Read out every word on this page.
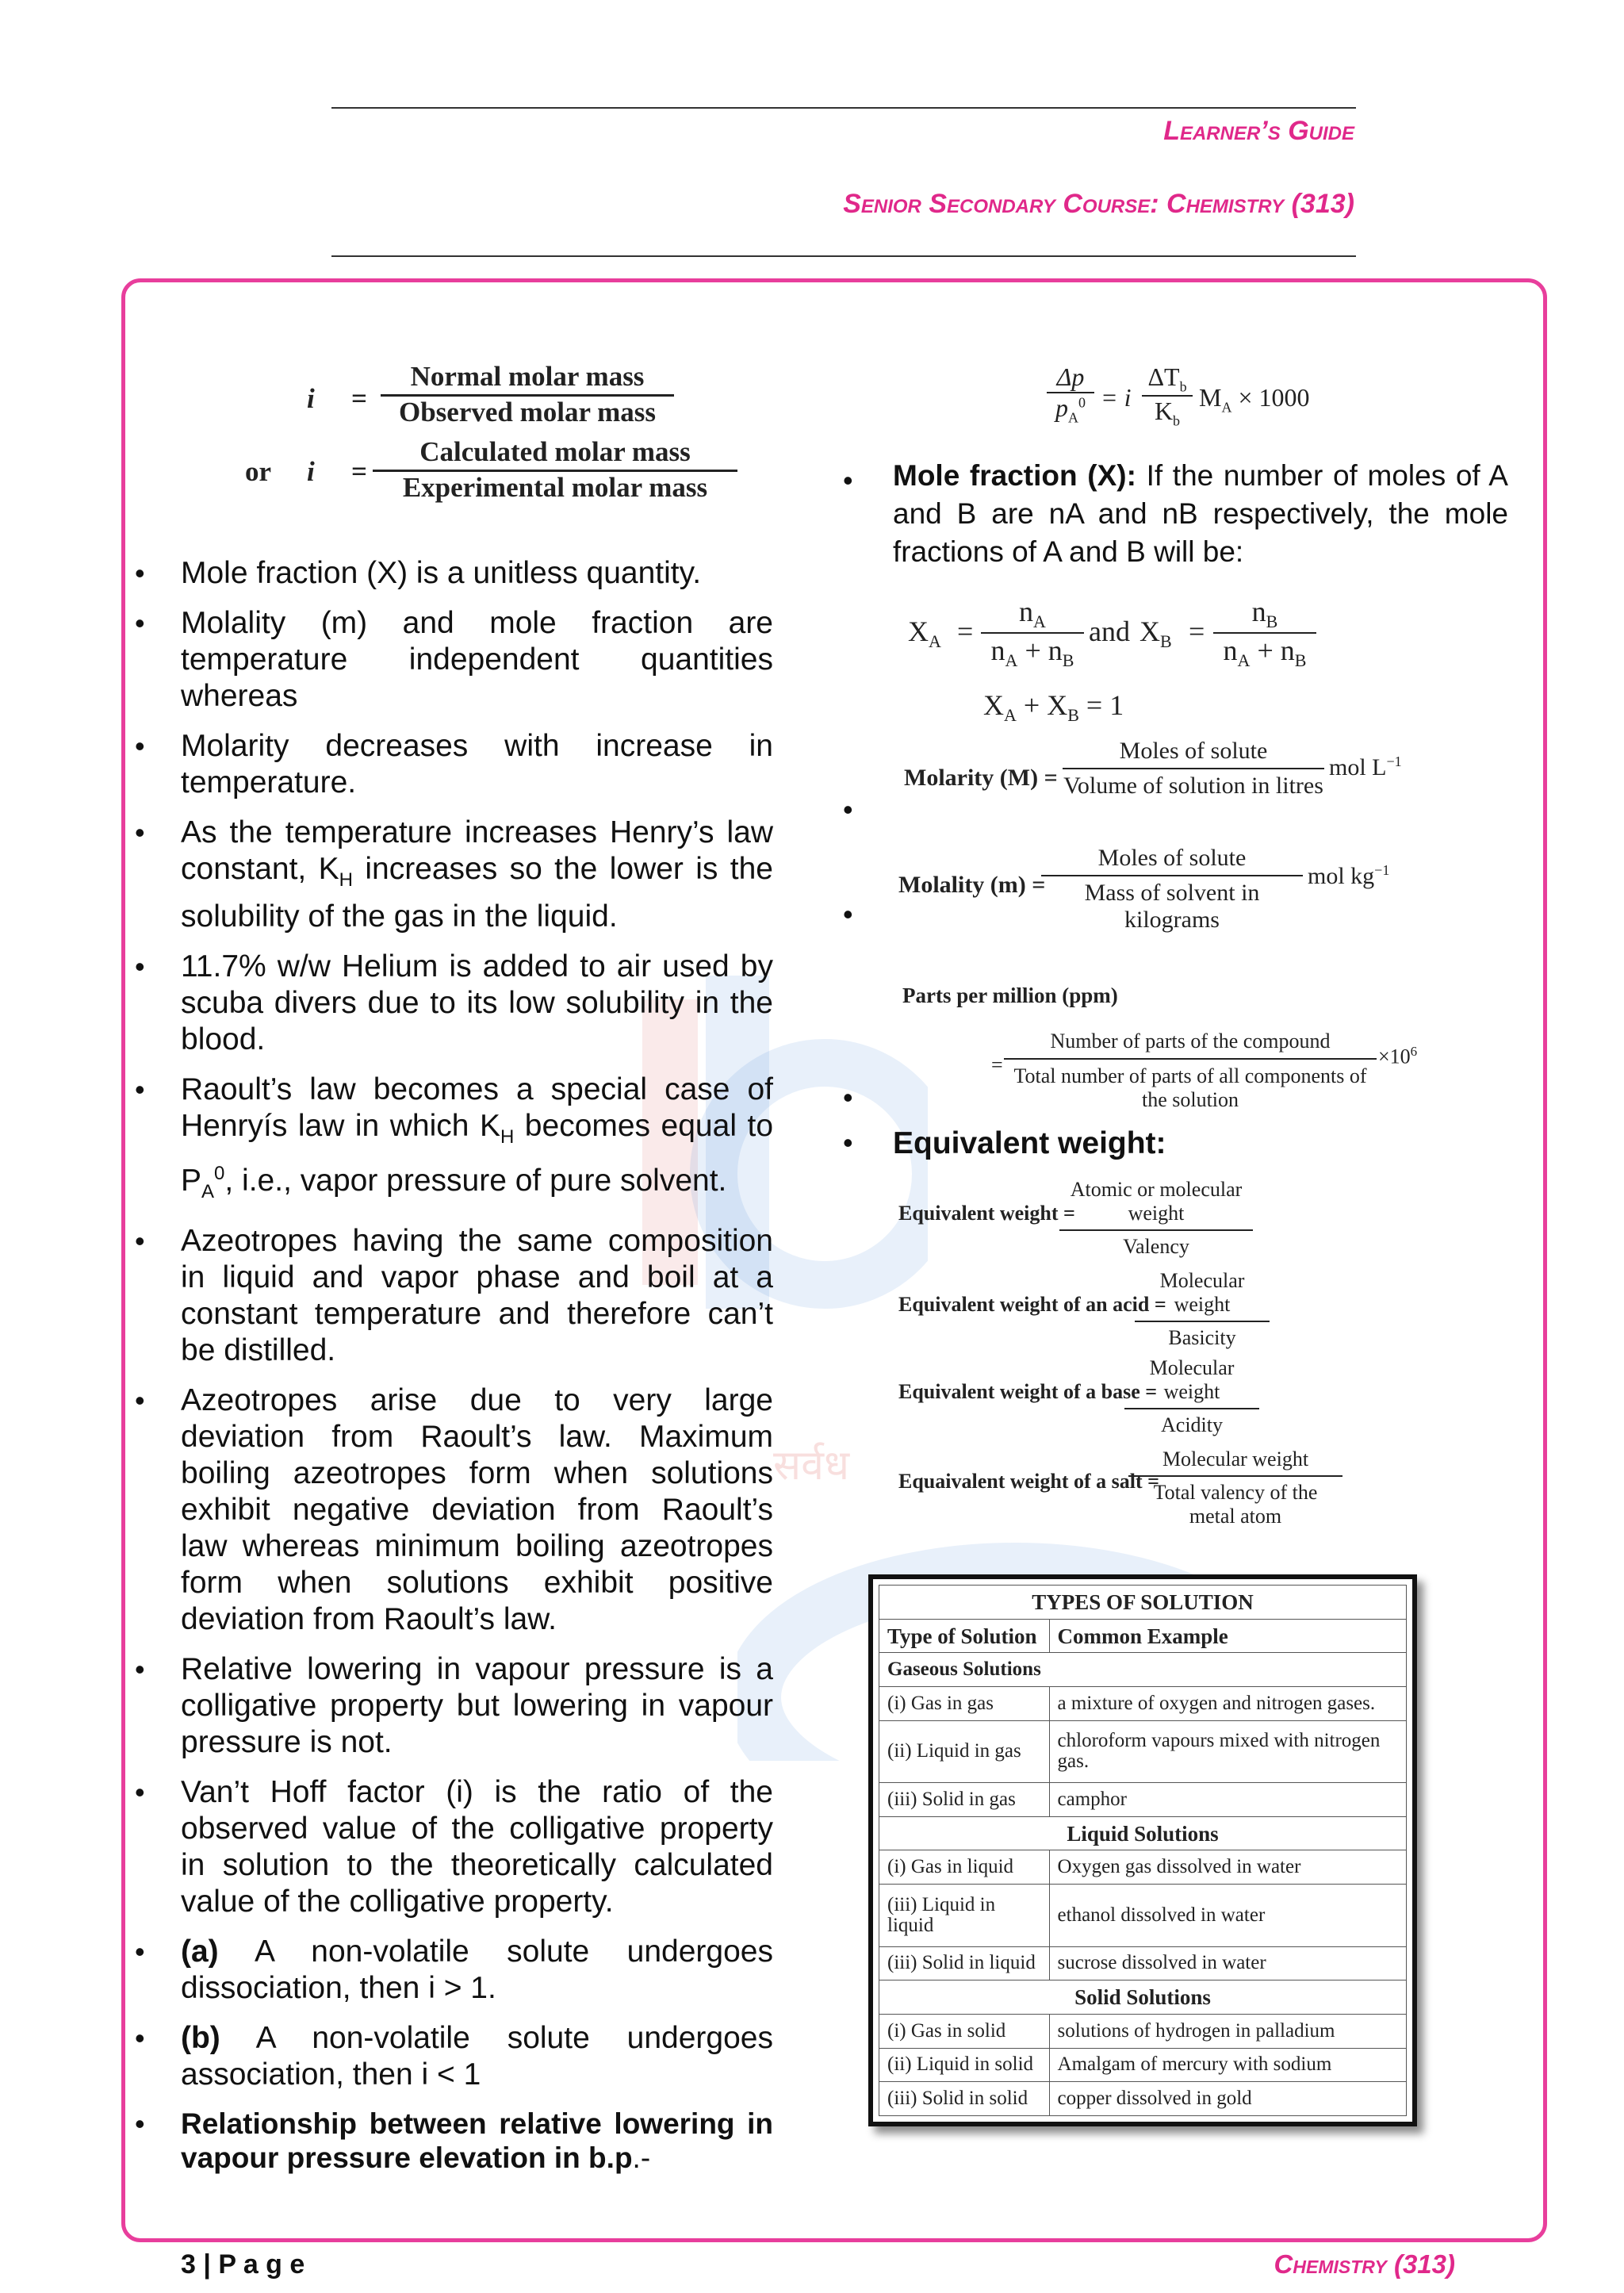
Learner’s Guide
Senior Secondary Course: Chemistry (313)
सर्वध
i =
Normal molar mass
Observed molar mass
or i =
Calculated molar mass
Experimental molar mass
• Mole fraction (X) is a unitless quantity.
• Molality (m) and mole fraction are temperature independent quantities whereas
• Molarity decreases with increase in temperature.
• As the temperature increases Henry’s law constant, $K_H$ increases so the lower is the solubility of the gas in the liquid.
• 11.7% w/w Helium is added to air used by scuba divers due to its low solubility in the blood.
• Raoult’s law becomes a special case of Henryís law in which $K_H$ becomes equal to $P_A^0$, i.e., vapor pressure of pure solvent.
• Azeotropes having the same composition in liquid and vapor phase and boil at a constant temperature and therefore can’t be distilled.
• Azeotropes arise due to very large deviation from Raoult’s law. Maximum boiling azeotropes form when solutions exhibit negative deviation from Raoult’s law whereas minimum boiling azeotropes form when solutions exhibit positive deviation from Raoult’s law.
• Relative lowering in vapour pressure is a colligative property but lowering in vapour pressure is not.
• Van’t Hoff factor (i) is the ratio of the observed value of the colligative property in solution to the theoretically calculated value of the colligative property.
• (a) A non-volatile solute undergoes dissociation, then i > 1.
• (b) A non-volatile solute undergoes association, then i < 1
• Relationship between relative lowering in vapour pressure elevation in b.p.-
Δp
$p_A^0 = i$
$\Delta T_b$
$K_b$
$M_A \times 1000$
• Mole fraction (X): If the number of moles of A and B are nA and nB respectively, the mole fractions of A and B will be:
$X_A = \frac{n_A}{n_A + n_B}$ and $X_B = \frac{n_B}{n_A + n_B}$
$X_A + X_B = 1$
Molarity (M) =
Moles of solute
Volume of solution in litres
mol $L^{-1}$
•
Molality (m) =
Moles of solute
Mass of solvent in kilograms
mol $kg^{-1}$
•
Parts per million (ppm)
=
Number of parts of the compound
Total number of parts of all components of the solution
$\times 10^6$
•
• Equivalent weight:
Equivalent weight =
Atomic or molecular weight
Valency
Equivalent weight of an acid =
Molecular weight
Basicity
Equivalent weight of a base =
Molecular weight
Acidity
Equaivalent weight of a salt =
Molecular weight
Total valency of the metal atom
TYPES OF SOLUTION	
Type of Solution	Common Example
Gaseous Solutions	
(i) Gas in gas	a mixture of oxygen and nitrogen gases.
(ii) Liquid in gas	chloroform vapours mixed with nitrogen gas.
(iii) Solid in gas	camphor
Liquid Solutions	
(i) Gas in liquid	Oxygen gas dissolved in water
(iii) Liquid in liquid	ethanol dissolved in water
(iii) Solid in liquid	sucrose dissolved in water
Solid Solutions	
(i) Gas in solid	solutions of hydrogen in palladium
(ii) Liquid in solid	Amalgam of mercury with sodium
(iii) Solid in solid	copper dissolved in gold
3 | P a g e	Chemistry (313)
